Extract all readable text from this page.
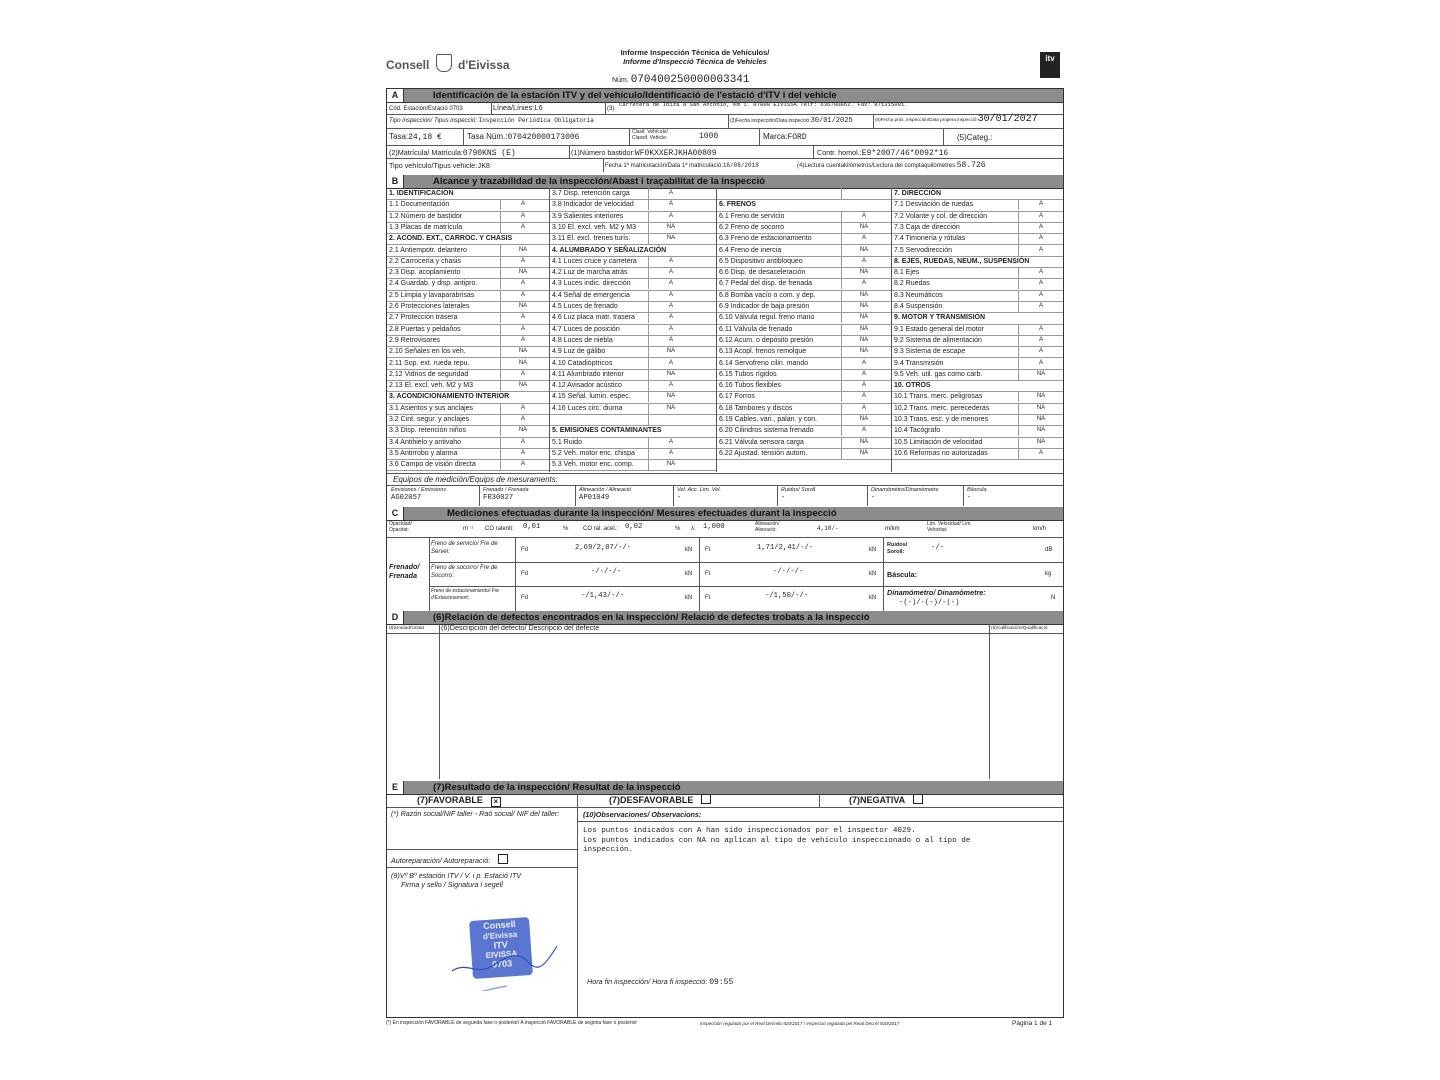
Consell d'Eivissa
Informe Inspección Técnica de Vehículos/
Informe d'Inspecció Tècnica de Vehicles
Núm. 070400250000003341
itv
A	Identificación de la estación ITV y del vehículo/Identificació de l'estació d'ITV i del vehicle
Cód. Estación/Estació 0703	Línea/Línies:L6	(3)
Carretera de Ibiza a San Antonio, Km 1. 07800 EIVISSA Telf: 636700862. Fax: 971315001.
Tipo inspección/ Tipus inspecció: Inspección Periódica Obligatoria	(3)Fecha inspección/Data inspecció:30/01/2025	(8)Fecha próx. inspección/Data propera inspecció:30/01/2027
Tasa:24,18 €	Tasa Núm.:070420000173006
Clasif. Vehículo/
Classif. Vehicle:	1000	Marca:FORD	(5)Categ.:
(2)Matrícula/ Matrícula:0790KNS (E)	(1)Número bastidor:WF0KXXERJKHA00809	Contr. homol.:E9*2007/46*0092*16
Tipo vehículo/Tipus vehicle:JK8	Fecha 1ª matriculación/Data 1ª matriculació:16/08/2018	(4)Lectura cuentakilómetros/Lectura del comptaquilòmetres:58.726
B	Alcance y trazabilidad de la inspección/Abast i traçabilitat de la inspecció
1. IDENTIFICACIÓN
1.1 Documentación	A
1.2 Número de bastidor	A
1.3 Placas de matrícula	A
2. ACOND. EXT., CARROC. Y CHASIS
2.1 Antiempotr. delantero	NA
2.2 Carrocería y chasis	A
2.3 Disp. acoplamiento	NA
2.4 Guardab. y disp. antipro.	A
2.5 Limpia y lavaparabrisas	A
2.6 Protecciones laterales	NA
2.7 Protección trasera	A
2.8 Puertas y peldaños	A
2.9 Retrovisores	A
2.10 Señales en los veh.	NA
2.11 Sop. ext. rueda repu.	NA
2.12 Vidrios de seguridad	A
2.13 El. excl. veh. M2 y M3	NA
3. ACONDICIONAMIENTO INTERIOR
3.1 Asientos y sus anclajes	A
3.2 Cint. segur. y anclajes	A
3.3 Disp. retención niños	NA
3.4 Antihielo y antivaho	A
3.5 Antirrobo y alarma	A
3.6 Campo de visión directa	A
3.7 Disp. retención carga	A
3.8 Indicador de velocidad	A
3.9 Salientes interiores	A
3.10 El. excl. veh. M2 y M3	NA
3.11 El. excl. trenes turís.	NA
4. ALUMBRADO Y SEÑALIZACIÓN
4.1 Luces cruce y carretera	A
4.2 Luz de marcha atrás	A
4.3 Luces indic. dirección	A
4.4 Señal de emergencia	A
4.5 Luces de frenado	A
4.6 Luz placa matr. trasera	A
4.7 Luces de posición	A
4.8 Luces de niebla	A
4.9 Luz de gálibo	NA
4.10 Catadióptricos	A
4.11 Alumbrado interior	NA
4.12 Avisador acústico	A
4.15 Señal. lumin. espec.	NA
4.16 Luces circ. diurna	NA
5. EMISIONES CONTAMINANTES
5.1 Ruido	A
5.2 Veh. motor enc. chispa	A
5.3 Veh. motor enc. comp.	NA
6. FRENOS
6.1 Freno de servicio	A
6.2 Freno de socorro	NA
6.3 Freno de estacionamiento	A
6.4 Freno de inercia	NA
6.5 Dispositivo antibloqueo	A
6.6 Disp. de desaceleración	NA
6.7 Pedal del disp. de frenada	A
6.8 Bomba vacío o com. y dep.	NA
6.9 Indicador de baja presión	NA
6.10 Válvula regul. freno mano	NA
6.11 Válvula de frenado	NA
6.12 Acum. o depósito presión	NA
6.13 Acopl. frenos remolque	NA
6.14 Servofreno cilin. mando	A
6.15 Tubos rígidos	A
6.16 Tubos flexibles	A
6.17 Forros	A
6.18 Tambores y discos	A
6.19 Cables, vari., palan. y con.	NA
6.20 Cilindros sistema frenado	A
6.21 Válvula sensora carga	NA
6.22 Ajustad. tensión autom.	NA
7. DIRECCIÓN
7.1 Desviación de ruedas	A
7.2 Volante y col. de dirección	A
7.3 Caja de dirección	A
7.4 Timonería y rótulas	A
7.5 Servodirección	A
8. EJES, RUEDAS, NEUM., SUSPENSIÓN
8.1 Ejes	A
8.2 Ruedas	A
8.3 Neumáticos	A
8.4 Suspensión	A
9. MOTOR Y TRANSMISIÓN
9.1 Estado general del motor	A
9.2 Sistema de alimentación	A
9.3 Sistema de escape	A
9.4 Transmisión	A
9.5 Veh. util. gas como carb.	NA
10. OTROS
10.1 Trans. merc. peligrosas	NA
10.2 Trans. merc. perecederas	NA
10.3 Trans. esc. y de menores	NA
10.4 Tacógrafo	NA
10.5 Limitación de velocidad	NA
10.6 Reformas no autorizadas	A
Equipos de medición/Equips de mesuraments:
Emisiones / Emissions
AG02057
Frenado / Frenada
FR30027
Alineación / Alineació
AP01049
Vel. Acc. Lim. Vel.
-
Ruidos/ Soroll
-
Dinamómetro/Dinamòmetre
-
Báscula
-
C	Mediciones efectuadas durante la inspección/ Mesures efectuades durant la inspecció
Opacidad/ Opacitat:	m⁻¹ CO ralentí: 0,01	% CO ral. acel.: 0,02	% λ: 1,000	Alineación/ Alineació:	4,10/-	m/km
Lim. Velocidad/ Lim. Velocitat:	km/h
Frenado/ Frenada
Freno de servicio/ Fre de Servei:	Fd	2,69/2,07/-/-	kN Ft	1,71/2,41/-/-	kN
Freno de socorro/ Fre de Socorro:	Fd	-/-/-/-	kN Ft	-/-/-/-	kN
Freno de estacionamiento/ Fre d'Estacionament:	Fd	-/1,43/-/-	kN Ft	-/1,50/-/-	kN
Ruidos/ Soroll:	-/-	dB
Báscula:	kg
Dinamómetro/ Dinamòmetre:
-(-)/-(-)/-(-)
N
D	(6)Relación de defectos encontrados en la inspección/ Relació de defectes trobats a la inspecció
(6)Unidad/Unitat (6)Descripción del defecto/ Descripció del defecte	(6)Calificación/Qualificació
E	(7)Resultado de la inspección/ Resultat de la inspecció
(7)FAVORABLE ×	(7)DESFAVORABLE	(7)NEGATIVA
(*) Razón social/NIF taller - Raó social/ NIF del taller:
Autoreparación/ Autoreparació:
(9)Vº Bº estación ITV / V. i p. Estació ITV
Firma y sello / Signatura i segell
Consell
d'Eivissa
ITV
EIVISSA
0703
(10)Observaciones/ Observacions:
Los puntos indicados con A han sido inspeccionados por el inspector 4029.
Los puntos indicados con NA no aplican al tipo de vehículo inspeccionado o al tipo de
inspección.
Hora fin inspección/ Hora fi inspecció: 09:55
(*) En inspección FAVORABLE de segunda fase o posterior/ A inspecció FAVORABLE de segona fase o posterior	Inspección regulada por el Real Decreto 920/2017 / Inspecció regulada pel Reial Decret 920/2017	Página 1 de 1
